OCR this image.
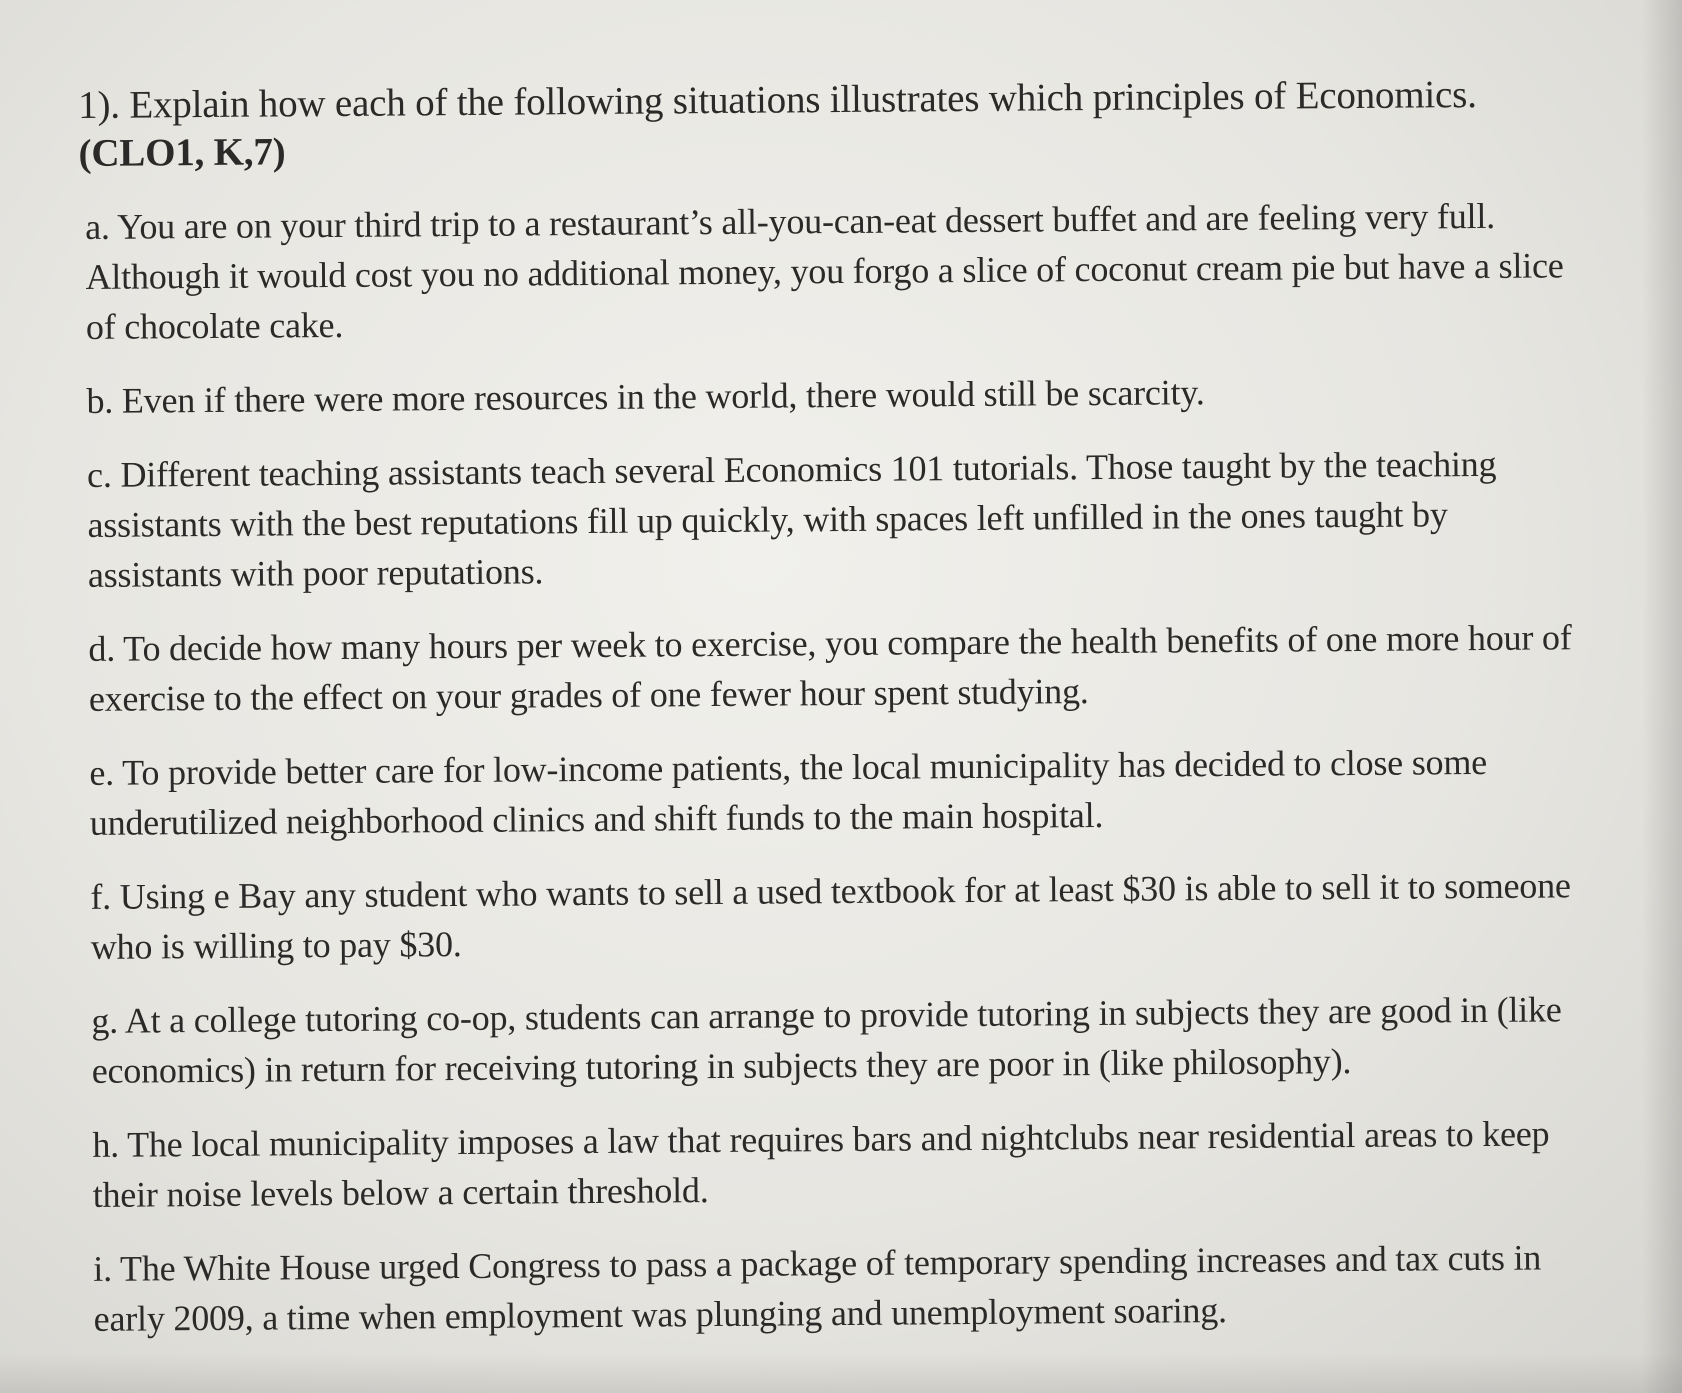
1). Explain how each of the following situations illustrates which principles of Economics.
(CLO1, K,7)

a. You are on your third trip to a restaurant’s all-you-can-eat dessert buffet and are feeling very full. Although it would cost you no additional money, you forgo a slice of coconut cream pie but have a slice of chocolate cake.

b. Even if there were more resources in the world, there would still be scarcity.

c. Different teaching assistants teach several Economics 101 tutorials. Those taught by the teaching assistants with the best reputations fill up quickly, with spaces left unfilled in the ones taught by assistants with poor reputations.

d. To decide how many hours per week to exercise, you compare the health benefits of one more hour of exercise to the effect on your grades of one fewer hour spent studying.

e. To provide better care for low-income patients, the local municipality has decided to close some underutilized neighborhood clinics and shift funds to the main hospital.

f. Using e Bay any student who wants to sell a used textbook for at least $30 is able to sell it to someone who is willing to pay $30.

g. At a college tutoring co-op, students can arrange to provide tutoring in subjects they are good in (like economics) in return for receiving tutoring in subjects they are poor in (like philosophy).

h. The local municipality imposes a law that requires bars and nightclubs near residential areas to keep their noise levels below a certain threshold.

i. The White House urged Congress to pass a package of temporary spending increases and tax cuts in early 2009, a time when employment was plunging and unemployment soaring.
